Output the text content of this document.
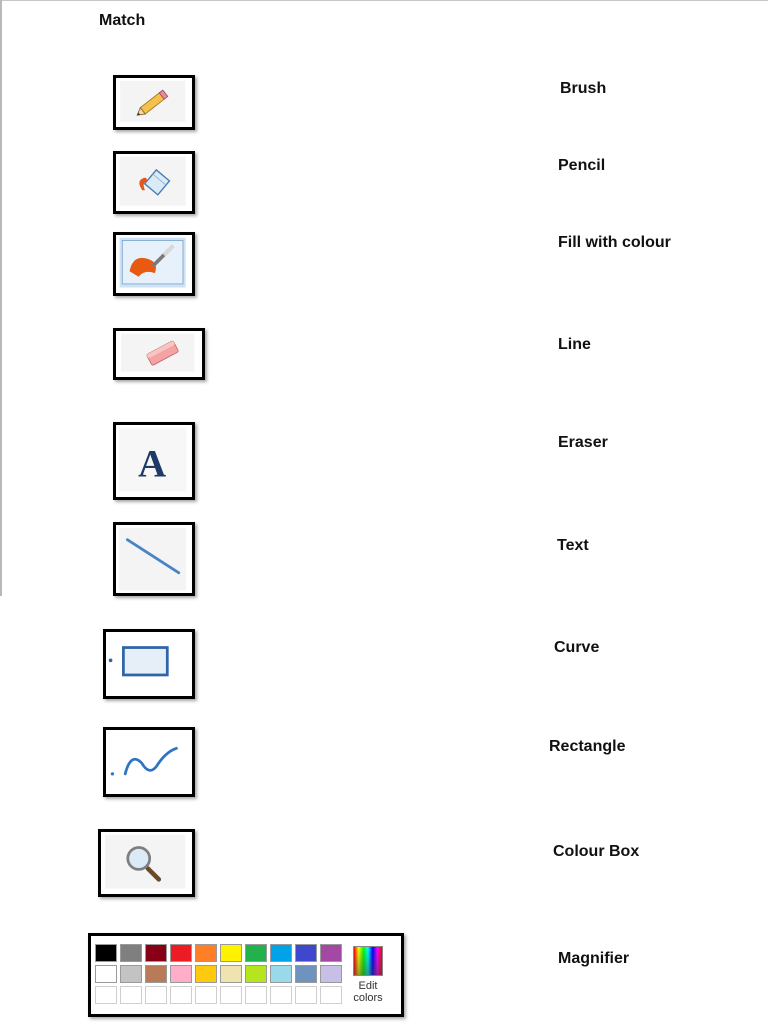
Match
A
Edit
colors
Brush
Pencil
Fill with colour
Line
Eraser
Text
Curve
Rectangle
Colour Box
Magnifier
